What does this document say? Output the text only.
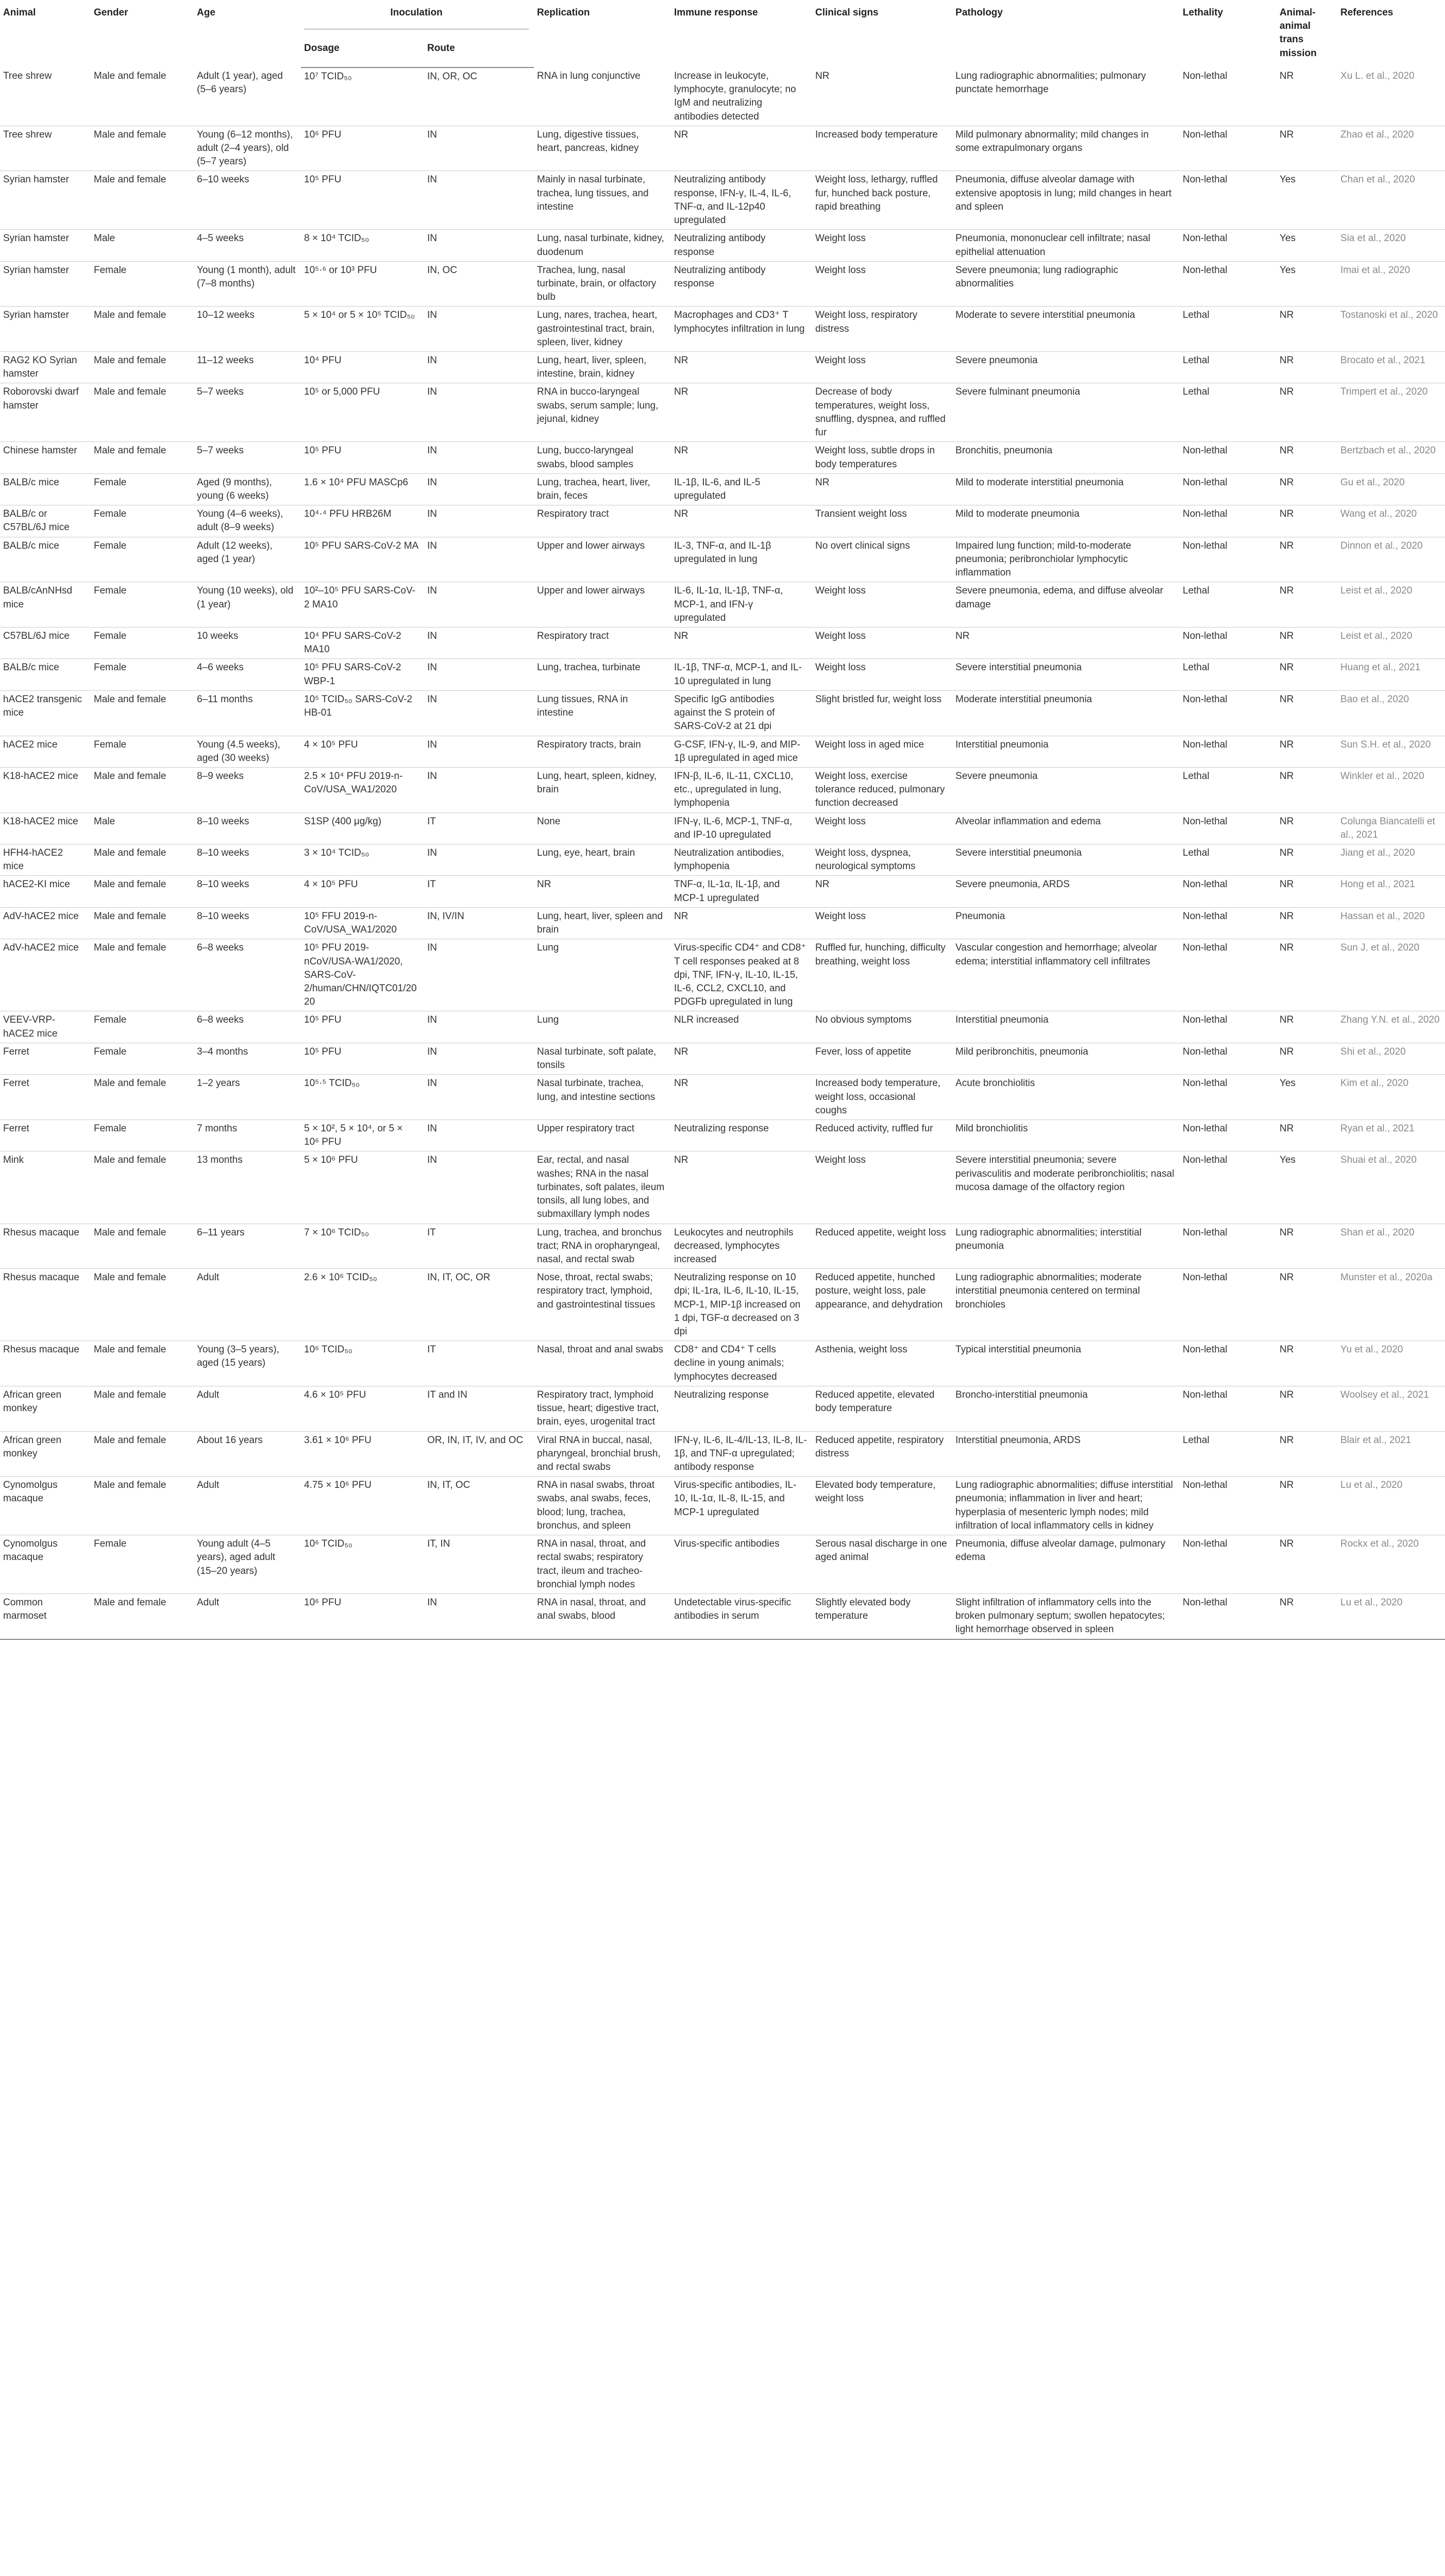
Animal	Gender	Age	Inoculation		Replication	Immune response	Clinical signs	Pathology	Lethality	Animal-animal trans mission	References
			Dosage	Route							
Tree shrew	Male and female	Adult (1 year), aged (5–6 years)	10⁷ TCID₅₀	IN, OR, OC	RNA in lung conjunctive	Increase in leukocyte, lymphocyte, granulocyte; no IgM and neutralizing antibodies detected	NR	Lung radiographic abnormalities; pulmonary punctate hemorrhage	Non-lethal	NR	Xu L. et al., 2020
Tree shrew	Male and female	Young (6–12 months), adult (2–4 years), old (5–7 years)	10⁶ PFU	IN	Lung, digestive tissues, heart, pancreas, kidney	NR	Increased body temperature	Mild pulmonary abnormality; mild changes in some extrapulmonary organs	Non-lethal	NR	Zhao et al., 2020
Syrian hamster	Male and female	6–10 weeks	10⁵ PFU	IN	Mainly in nasal turbinate, trachea, lung tissues, and intestine	Neutralizing antibody response, IFN-γ, IL-4, IL-6, TNF-α, and IL-12p40 upregulated	Weight loss, lethargy, ruffled fur, hunched back posture, rapid breathing	Pneumonia, diffuse alveolar damage with extensive apoptosis in lung; mild changes in heart and spleen	Non-lethal	Yes	Chan et al., 2020
Syrian hamster	Male	4–5 weeks	8 × 10⁴ TCID₅₀	IN	Lung, nasal turbinate, kidney, duodenum	Neutralizing antibody response	Weight loss	Pneumonia, mononuclear cell infiltrate; nasal epithelial attenuation	Non-lethal	Yes	Sia et al., 2020
Syrian hamster	Female	Young (1 month), adult (7–8 months)	10⁵·⁶ or 10³ PFU	IN, OC	Trachea, lung, nasal turbinate, brain, or olfactory bulb	Neutralizing antibody response	Weight loss	Severe pneumonia; lung radiographic abnormalities	Non-lethal	Yes	Imai et al., 2020
Syrian hamster	Male and female	10–12 weeks	5 × 10⁴ or 5 × 10⁵ TCID₅₀	IN	Lung, nares, trachea, heart, gastrointestinal tract, brain, spleen, liver, kidney	Macrophages and CD3⁺ T lymphocytes infiltration in lung	Weight loss, respiratory distress	Moderate to severe interstitial pneumonia	Lethal	NR	Tostanoski et al., 2020
RAG2 KO Syrian hamster	Male and female	11–12 weeks	10⁴ PFU	IN	Lung, heart, liver, spleen, intestine, brain, kidney	NR	Weight loss	Severe pneumonia	Lethal	NR	Brocato et al., 2021
Roborovski dwarf hamster	Male and female	5–7 weeks	10⁵ or 5,000 PFU	IN	RNA in bucco-laryngeal swabs, serum sample; lung, jejunal, kidney	NR	Decrease of body temperatures, weight loss, snuffling, dyspnea, and ruffled fur	Severe fulminant pneumonia	Lethal	NR	Trimpert et al., 2020
Chinese hamster	Male and female	5–7 weeks	10⁵ PFU	IN	Lung, bucco-laryngeal swabs, blood samples	NR	Weight loss, subtle drops in body temperatures	Bronchitis, pneumonia	Non-lethal	NR	Bertzbach et al., 2020
BALB/c mice	Female	Aged (9 months), young (6 weeks)	1.6 × 10⁴ PFU MASCp6	IN	Lung, trachea, heart, liver, brain, feces	IL-1β, IL-6, and IL-5 upregulated	NR	Mild to moderate interstitial pneumonia	Non-lethal	NR	Gu et al., 2020
BALB/c or C57BL/6J mice	Female	Young (4–6 weeks), adult (8–9 weeks)	10⁴·⁴ PFU HRB26M	IN	Respiratory tract	NR	Transient weight loss	Mild to moderate pneumonia	Non-lethal	NR	Wang et al., 2020
BALB/c mice	Female	Adult (12 weeks), aged (1 year)	10⁵ PFU SARS-CoV-2 MA	IN	Upper and lower airways	IL-3, TNF-α, and IL-1β upregulated in lung	No overt clinical signs	Impaired lung function; mild-to-moderate pneumonia; peribronchiolar lymphocytic inflammation	Non-lethal	NR	Dinnon et al., 2020
BALB/cAnNHsd mice	Female	Young (10 weeks), old (1 year)	10²–10⁵ PFU SARS-CoV-2 MA10	IN	Upper and lower airways	IL-6, IL-1α, IL-1β, TNF-α, MCP-1, and IFN-γ upregulated	Weight loss	Severe pneumonia, edema, and diffuse alveolar damage	Lethal	NR	Leist et al., 2020
C57BL/6J mice	Female	10 weeks	10⁴ PFU SARS-CoV-2 MA10	IN	Respiratory tract	NR	Weight loss	NR	Non-lethal	NR	Leist et al., 2020
BALB/c mice	Female	4–6 weeks	10⁵ PFU SARS-CoV-2 WBP-1	IN	Lung, trachea, turbinate	IL-1β, TNF-α, MCP-1, and IL-10 upregulated in lung	Weight loss	Severe interstitial pneumonia	Lethal	NR	Huang et al., 2021
hACE2 transgenic mice	Male and female	6–11 months	10⁵ TCID₅₀ SARS-CoV-2 HB-01	IN	Lung tissues, RNA in intestine	Specific IgG antibodies against the S protein of SARS-CoV-2 at 21 dpi	Slight bristled fur, weight loss	Moderate interstitial pneumonia	Non-lethal	NR	Bao et al., 2020
hACE2 mice	Female	Young (4.5 weeks), aged (30 weeks)	4 × 10⁵ PFU	IN	Respiratory tracts, brain	G-CSF, IFN-γ, IL-9, and MIP-1β upregulated in aged mice	Weight loss in aged mice	Interstitial pneumonia	Non-lethal	NR	Sun S.H. et al., 2020
K18-hACE2 mice	Male and female	8–9 weeks	2.5 × 10⁴ PFU 2019-n-CoV/USA_WA1/2020	IN	Lung, heart, spleen, kidney, brain	IFN-β, IL-6, IL-11, CXCL10, etc., upregulated in lung, lymphopenia	Weight loss, exercise tolerance reduced, pulmonary function decreased	Severe pneumonia	Lethal	NR	Winkler et al., 2020
K18-hACE2 mice	Male	8–10 weeks	S1SP (400 μg/kg)	IT	None	IFN-γ, IL-6, MCP-1, TNF-α, and IP-10 upregulated	Weight loss	Alveolar inflammation and edema	Non-lethal	NR	Colunga Biancatelli et al., 2021
HFH4-hACE2 mice	Male and female	8–10 weeks	3 × 10⁴ TCID₅₀	IN	Lung, eye, heart, brain	Neutralization antibodies, lymphopenia	Weight loss, dyspnea, neurological symptoms	Severe interstitial pneumonia	Lethal	NR	Jiang et al., 2020
hACE2-KI mice	Male and female	8–10 weeks	4 × 10⁵ PFU	IT	NR	TNF-α, IL-1α, IL-1β, and MCP-1 upregulated	NR	Severe pneumonia, ARDS	Non-lethal	NR	Hong et al., 2021
AdV-hACE2 mice	Male and female	8–10 weeks	10⁵ FFU 2019-n-CoV/USA_WA1/2020	IN, IV/IN	Lung, heart, liver, spleen and brain	NR	Weight loss	Pneumonia	Non-lethal	NR	Hassan et al., 2020
AdV-hACE2 mice	Male and female	6–8 weeks	10⁵ PFU 2019-nCoV/USA-WA1/2020, SARS-CoV-2/human/CHN/IQTC01/2020	IN	Lung	Virus-specific CD4⁺ and CD8⁺ T cell responses peaked at 8 dpi, TNF, IFN-γ, IL-10, IL-15, IL-6, CCL2, CXCL10, and PDGFb upregulated in lung	Ruffled fur, hunching, difficulty breathing, weight loss	Vascular congestion and hemorrhage; alveolar edema; interstitial inflammatory cell infiltrates	Non-lethal	NR	Sun J. et al., 2020
VEEV-VRP-hACE2 mice	Female	6–8 weeks	10⁵ PFU	IN	Lung	NLR increased	No obvious symptoms	Interstitial pneumonia	Non-lethal	NR	Zhang Y.N. et al., 2020
Ferret	Female	3–4 months	10⁵ PFU	IN	Nasal turbinate, soft palate, tonsils	NR	Fever, loss of appetite	Mild peribronchitis, pneumonia	Non-lethal	NR	Shi et al., 2020
Ferret	Male and female	1–2 years	10⁵·⁵ TCID₅₀	IN	Nasal turbinate, trachea, lung, and intestine sections	NR	Increased body temperature, weight loss, occasional coughs	Acute bronchiolitis	Non-lethal	Yes	Kim et al., 2020
Ferret	Female	7 months	5 × 10², 5 × 10⁴, or 5 × 10⁶ PFU	IN	Upper respiratory tract	Neutralizing response	Reduced activity, ruffled fur	Mild bronchiolitis	Non-lethal	NR	Ryan et al., 2021
Mink	Male and female	13 months	5 × 10⁶ PFU	IN	Ear, rectal, and nasal washes; RNA in the nasal turbinates, soft palates, ileum tonsils, all lung lobes, and submaxillary lymph nodes	NR	Weight loss	Severe interstitial pneumonia; severe perivasculitis and moderate peribronchiolitis; nasal mucosa damage of the olfactory region	Non-lethal	Yes	Shuai et al., 2020
Rhesus macaque	Male and female	6–11 years	7 × 10⁶ TCID₅₀	IT	Lung, trachea, and bronchus tract; RNA in oropharyngeal, nasal, and rectal swab	Leukocytes and neutrophils decreased, lymphocytes increased	Reduced appetite, weight loss	Lung radiographic abnormalities; interstitial pneumonia	Non-lethal	NR	Shan et al., 2020
Rhesus macaque	Male and female	Adult	2.6 × 10⁶ TCID₅₀	IN, IT, OC, OR	Nose, throat, rectal swabs; respiratory tract, lymphoid, and gastrointestinal tissues	Neutralizing response on 10 dpi; IL-1ra, IL-6, IL-10, IL-15, MCP-1, MIP-1β increased on 1 dpi, TGF-α decreased on 3 dpi	Reduced appetite, hunched posture, weight loss, pale appearance, and dehydration	Lung radiographic abnormalities; moderate interstitial pneumonia centered on terminal bronchioles	Non-lethal	NR	Munster et al., 2020a
Rhesus macaque	Male and female	Young (3–5 years), aged (15 years)	10⁶ TCID₅₀	IT	Nasal, throat and anal swabs	CD8⁺ and CD4⁺ T cells decline in young animals; lymphocytes decreased	Asthenia, weight loss	Typical interstitial pneumonia	Non-lethal	NR	Yu et al., 2020
African green monkey	Male and female	Adult	4.6 × 10⁵ PFU	IT and IN	Respiratory tract, lymphoid tissue, heart; digestive tract, brain, eyes, urogenital tract	Neutralizing response	Reduced appetite, elevated body temperature	Broncho-interstitial pneumonia	Non-lethal	NR	Woolsey et al., 2021
African green monkey	Male and female	About 16 years	3.61 × 10⁶ PFU	OR, IN, IT, IV, and OC	Viral RNA in buccal, nasal, pharyngeal, bronchial brush, and rectal swabs	IFN-γ, IL-6, IL-4/IL-13, IL-8, IL-1β, and TNF-α upregulated; antibody response	Reduced appetite, respiratory distress	Interstitial pneumonia, ARDS	Lethal	NR	Blair et al., 2021
Cynomolgus macaque	Male and female	Adult	4.75 × 10⁶ PFU	IN, IT, OC	RNA in nasal swabs, throat swabs, anal swabs, feces, blood; lung, trachea, bronchus, and spleen	Virus-specific antibodies, IL-10, IL-1α, IL-8, IL-15, and MCP-1 upregulated	Elevated body temperature, weight loss	Lung radiographic abnormalities; diffuse interstitial pneumonia; inflammation in liver and heart; hyperplasia of mesenteric lymph nodes; mild infiltration of local inflammatory cells in kidney	Non-lethal	NR	Lu et al., 2020
Cynomolgus macaque	Female	Young adult (4–5 years), aged adult (15–20 years)	10⁶ TCID₅₀	IT, IN	RNA in nasal, throat, and rectal swabs; respiratory tract, ileum and tracheo-bronchial lymph nodes	Virus-specific antibodies	Serous nasal discharge in one aged animal	Pneumonia, diffuse alveolar damage, pulmonary edema	Non-lethal	NR	Rockx et al., 2020
Common marmoset	Male and female	Adult	10⁶ PFU	IN	RNA in nasal, throat, and anal swabs, blood	Undetectable virus-specific antibodies in serum	Slightly elevated body temperature	Slight infiltration of inflammatory cells into the broken pulmonary septum; swollen hepatocytes; light hemorrhage observed in spleen	Non-lethal	NR	Lu et al., 2020
